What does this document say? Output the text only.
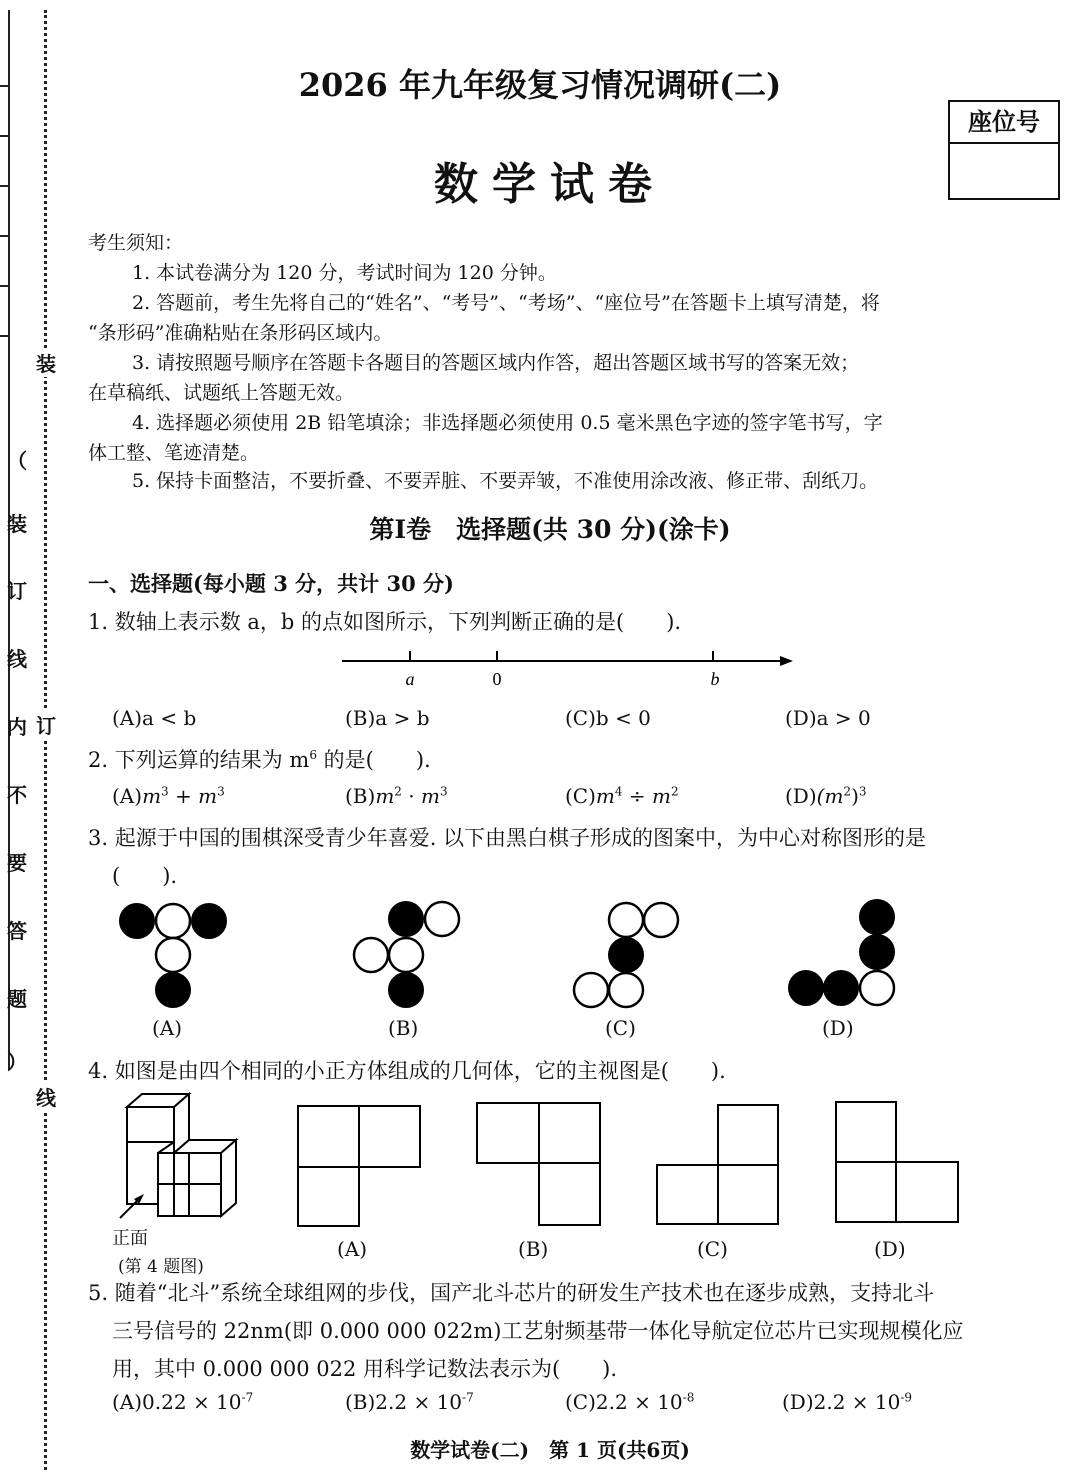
装
订
线
（
装
订
线
内
不
要
答
题
）
2026 年九年级复习情况调研(二)
座位号
数学试卷
考生须知：
1. 本试卷满分为 120 分，考试时间为 120 分钟。
2. 答题前，考生先将自己的“姓名”、“考号”、“考场”、“座位号”在答题卡上填写清楚，将
“条形码”准确粘贴在条形码区域内。
3. 请按照题号顺序在答题卡各题目的答题区域内作答，超出答题区域书写的答案无效；
在草稿纸、试题纸上答题无效。
4. 选择题必须使用 2B 铅笔填涂；非选择题必须使用 0.5 毫米黑色字迹的签字笔书写，字
体工整、笔迹清楚。
5. 保持卡面整洁，不要折叠、不要弄脏、不要弄皱，不准使用涂改液、修正带、刮纸刀。
第Ⅰ卷　选择题(共 30 分)(涂卡)
一、选择题(每小题 3 分，共计 30 分)
1. 数轴上表示数 a，b 的点如图所示，下列判断正确的是(　　).
a	0	b
(A)a < b	(B)a > b	(C)b < 0	(D)a > 0
2. 下列运算的结果为 $m^6$ 的是(　　).
$(A)m^3 + m^3$	$(B)m^2 \cdot m^3$	$(C)m^4 \div m^2$	$(D)(m^2)^3$
3. 起源于中国的围棋深受青少年喜爱. 以下由黑白棋子形成的图案中，为中心对称图形的是
(　　).
(A)	(B)	(C)	(D)
4. 如图是由四个相同的小正方体组成的几何体，它的主视图是(　　).
正面
(第 4 题图)
(A)	(B)	(C)	(D)
5. 随着“北斗”系统全球组网的步伐，国产北斗芯片的研发生产技术也在逐步成熟，支持北斗
三号信号的 22nm(即 0.000 000 022m)工艺射频基带一体化导航定位芯片已实现规模化应
用，其中 0.000 000 022 用科学记数法表示为(　　).
$(A)0.22 \times 10^{-7}$	$(B)2.2 \times 10^{-7}$	$(C)2.2 \times 10^{-8}$	$(D)2.2 \times 10^{-9}$
数学试卷(二)　第 1 页(共6页)
